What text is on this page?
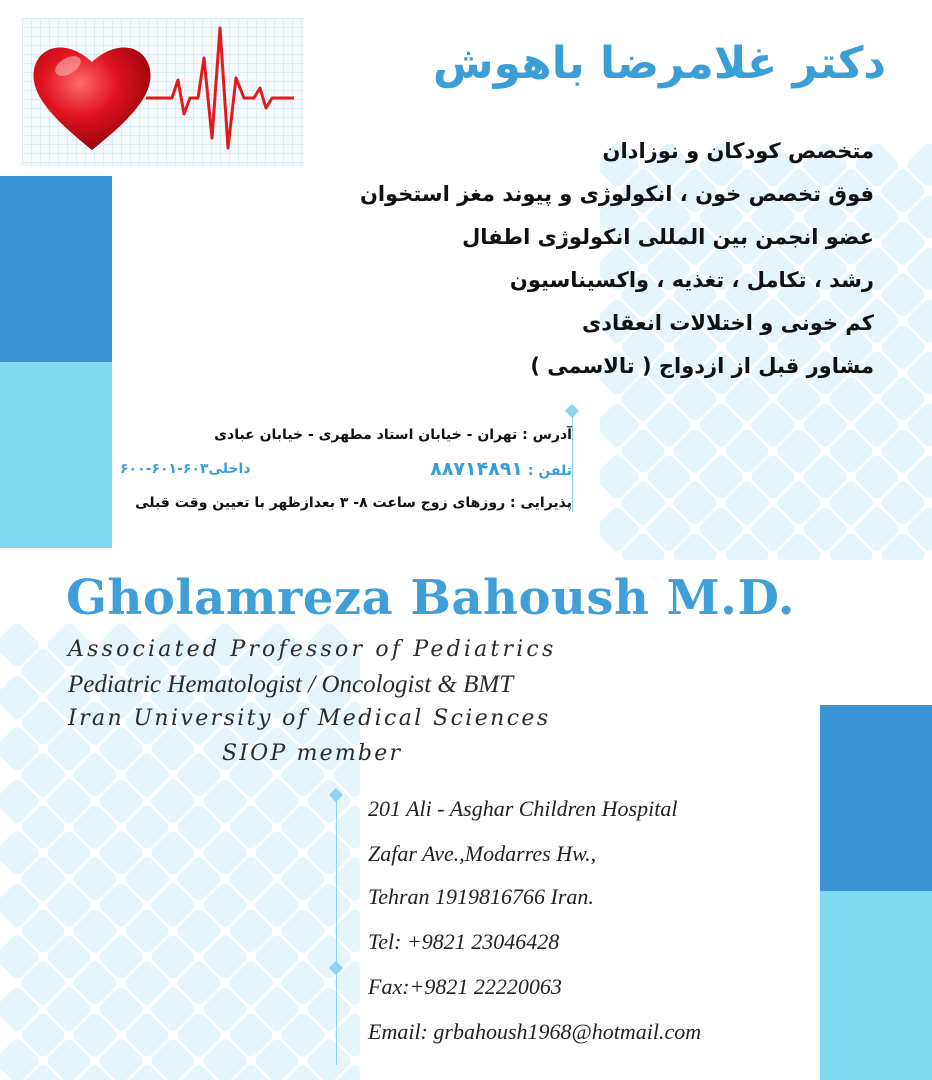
دکتر غلامرضا باهوش
متخصص کودکان و نوزادان
فوق تخصص خون ، انکولوژی و پیوند مغز استخوان
عضو انجمن بین المللی انکولوژی اطفال
رشد ، تکامل ، تغذیه ، واکسیناسیون
کم خونی و اختلالات انعقادی
مشاور قبل از ازدواج ( تالاسمی )
آدرس : تهران - خیابان استاد مطهری - خیابان عبادی
تلفن : ۸۸۷۱۴۸۹۱
داخلی۶۰۳-۶۰۱-۶۰۰
پذیرایی : روزهای زوج ساعت ۸- ۳ بعدازظهر با تعیین وقت قبلی
Gholamreza Bahoush M.D.
Associated Professor of Pediatrics
Pediatric Hematologist / Oncologist & BMT
Iran University of Medical Sciences
SIOP member
201 Ali - Asghar Children Hospital
Zafar Ave.,Modarres Hw.,
Tehran 1919816766 Iran.
Tel: +9821 23046428
Fax:+9821 22220063
Email: grbahoush1968@hotmail.com
